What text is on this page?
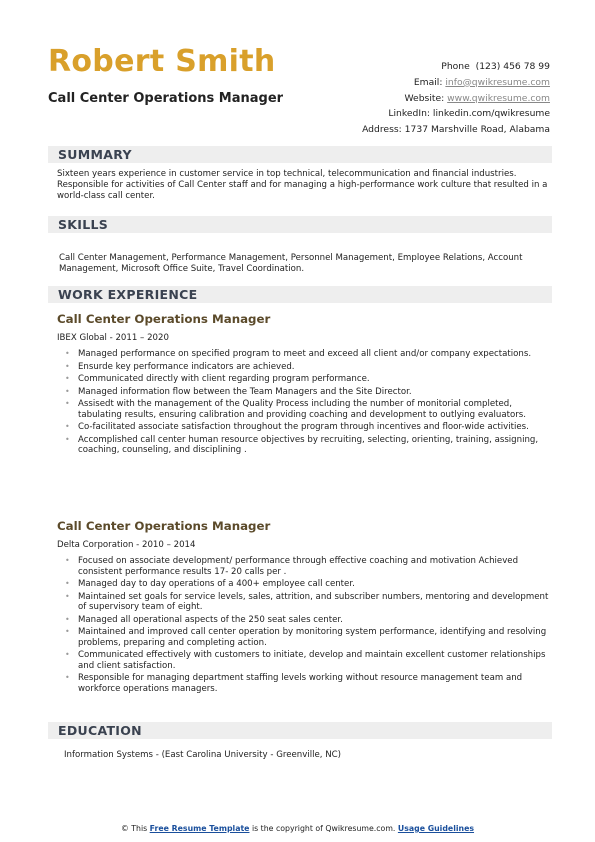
Robert Smith
Call Center Operations Manager
Phone (123) 456 78 99
Email: info@qwikresume.com
Website: www.qwikresume.com
LinkedIn: linkedin.com/qwikresume
Address: 1737 Marshville Road, Alabama
SUMMARY
Sixteen years experience in customer service in top technical, telecommunication and financial industries. Responsible for activities of Call Center staff and for managing a high-performance work culture that resulted in a world-class call center.
SKILLS
Call Center Management, Performance Management, Personnel Management, Employee Relations, Account Management, Microsoft Office Suite, Travel Coordination.
WORK EXPERIENCE
Call Center Operations Manager
IBEX Global - 2011 – 2020
• Managed performance on specified program to meet and exceed all client and/or company expectations.
• Ensurde key performance indicators are achieved.
• Communicated directly with client regarding program performance.
• Managed information flow between the Team Managers and the Site Director.
• Assisedt with the management of the Quality Process including the number of monitorial completed, tabulating results, ensuring calibration and providing coaching and development to outlying evaluators.
• Co-facilitated associate satisfaction throughout the program through incentives and floor-wide activities.
• Accomplished call center human resource objectives by recruiting, selecting, orienting, training, assigning, coaching, counseling, and disciplining .
Call Center Operations Manager
Delta Corporation - 2010 – 2014
• Focused on associate development/ performance through effective coaching and motivation Achieved consistent performance results 17- 20 calls per .
• Managed day to day operations of a 400+ employee call center.
• Maintained set goals for service levels, sales, attrition, and subscriber numbers, mentoring and development of supervisory team of eight.
• Managed all operational aspects of the 250 seat sales center.
• Maintained and improved call center operation by monitoring system performance, identifying and resolving problems, preparing and completing action.
• Communicated effectively with customers to initiate, develop and maintain excellent customer relationships and client satisfaction.
• Responsible for managing department staffing levels working without resource management team and workforce operations managers.
EDUCATION
Information Systems - (East Carolina University - Greenville, NC)
© This Free Resume Template is the copyright of Qwikresume.com. Usage Guidelines
